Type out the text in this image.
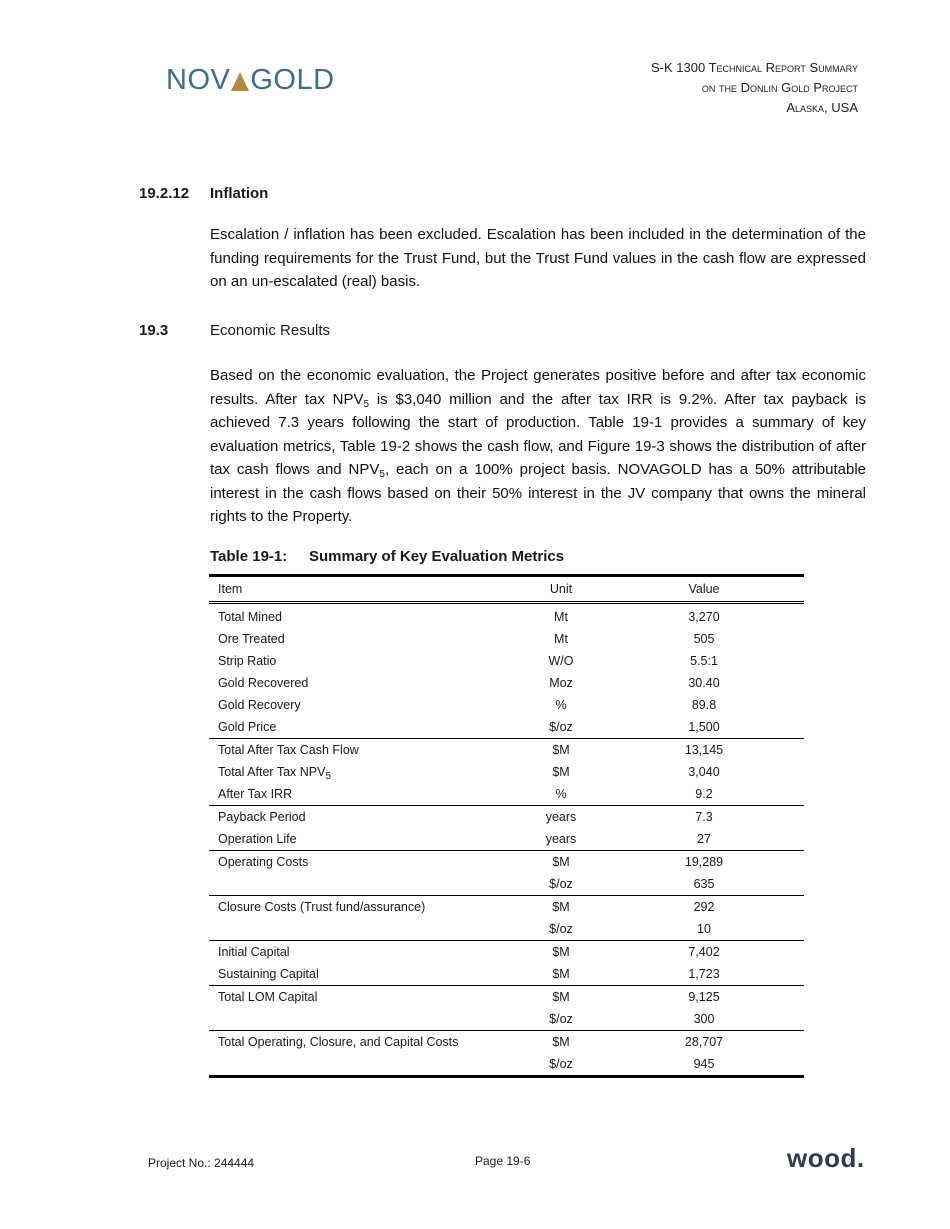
NOV GOLD	S-K 1300 Technical Report Summary
on the Donlin Gold Project
Alaska, USA
19.2.12 Inflation
Escalation / inflation has been excluded. Escalation has been included in the determination of the funding requirements for the Trust Fund, but the Trust Fund values in the cash flow are expressed on an un-escalated (real) basis.
19.3	Economic Results
Based on the economic evaluation, the Project generates positive before and after tax economic results. After tax $NPV_5$ is $3,040 million and the after tax IRR is 9.2%. After tax payback is achieved 7.3 years following the start of production. Table 19-1 provides a summary of key evaluation metrics, Table 19-2 shows the cash flow, and Figure 19-3 shows the distribution of after tax cash flows and $NPV_5$, each on a 100% project basis. NOVAGOLD has a 50% attributable interest in the cash flows based on their 50% interest in the JV company that owns the mineral rights to the Property.
Table 19-1: Summary of Key Evaluation Metrics
Item	Unit	Value
Total Mined	Mt	3,270
Ore Treated	Mt	505
Strip Ratio	W/O	5.5:1
Gold Recovered	Moz	30.40
Gold Recovery	%	89.8
Gold Price	$/oz	1,500
Total After Tax Cash Flow	$M	13,145
Total After Tax $NPV_5$	$M	3,040
After Tax IRR	%	9.2
Payback Period	years	7.3
Operation Life	years	27
Operating Costs	$M	19,289
	$/oz	635
Closure Costs (Trust fund/assurance)	$M	292
	$/oz	10
Initial Capital	$M	7,402
Sustaining Capital	$M	1,723
Total LOM Capital	$M	9,125
	$/oz	300
Total Operating, Closure, and Capital Costs	$M	28,707
	$/oz	945
Project No.: 244444	Page 19-6	wood.
